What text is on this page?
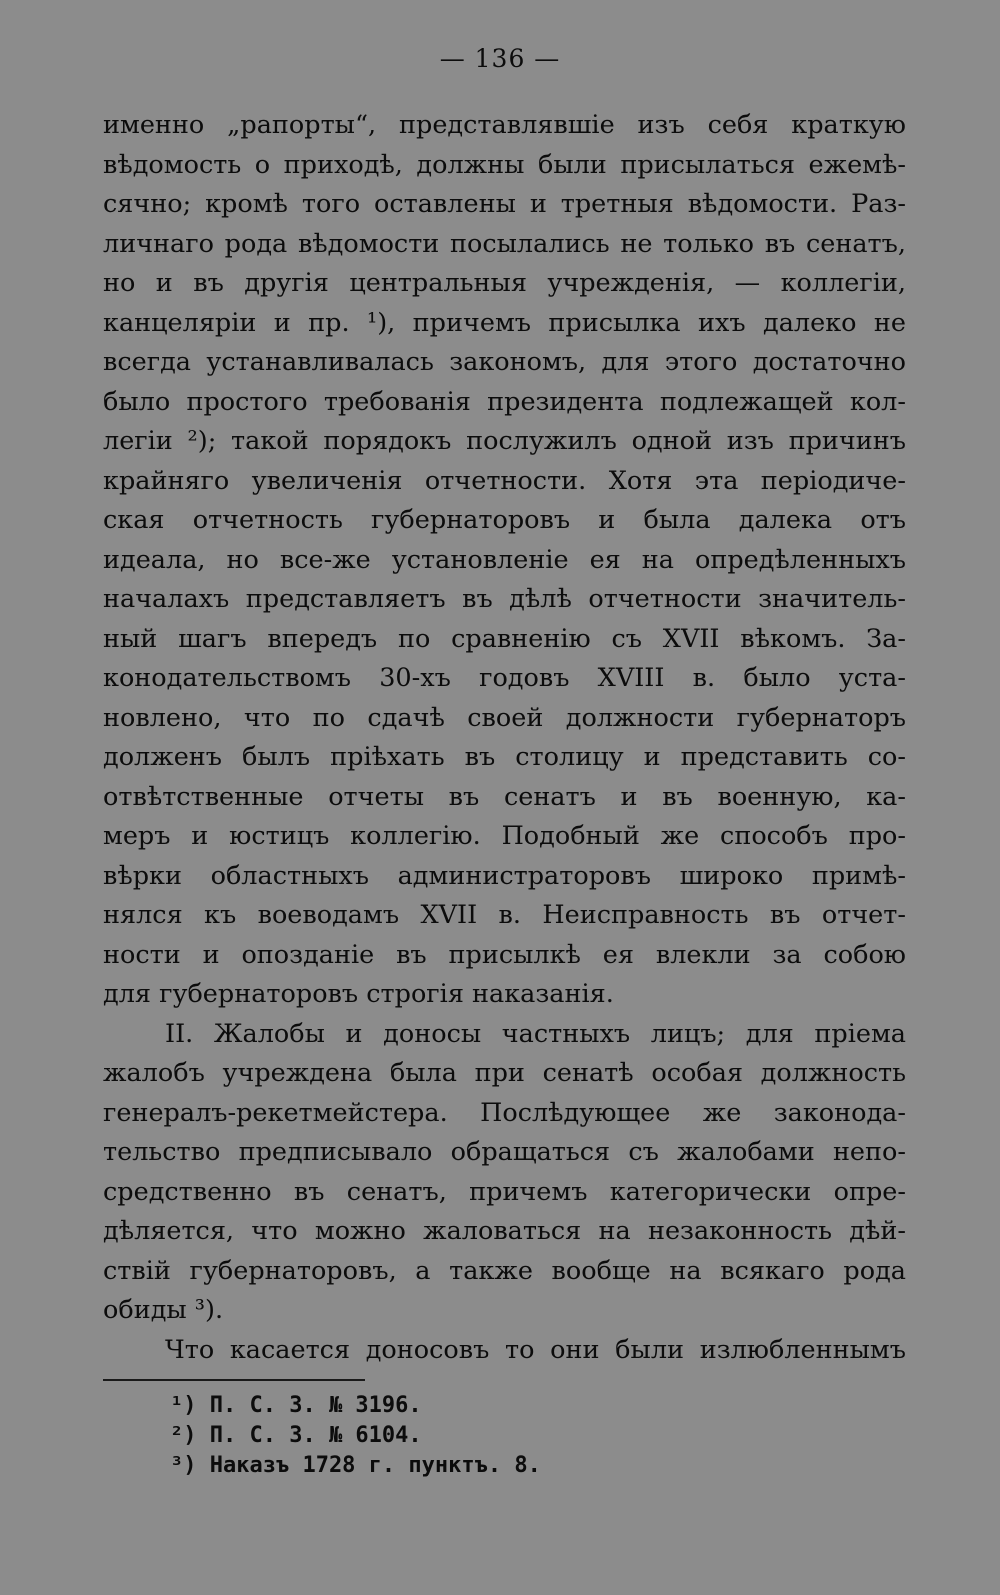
— 136 —
именно „рапорты“, представлявшіе изъ себя краткую
вѣдомость о приходѣ, должны были присылаться ежемѣ-
сячно; кромѣ того оставлены и третныя вѣдомости. Раз-
личнаго рода вѣдомости посылались не только въ сенатъ,
но и въ другія центральныя учрежденія, — коллегіи,
канцеляріи и пр. ¹), причемъ присылка ихъ далеко не
всегда устанавливалась закономъ, для этого достаточно
было простого требованія президента подлежащей кол-
легіи ²); такой порядокъ послужилъ одной изъ причинъ
крайняго увеличенія отчетности. Хотя эта періодиче-
ская отчетность губернаторовъ и была далека отъ
идеала, но все-же установленіе ея на опредѣленныхъ
началахъ представляетъ въ дѣлѣ отчетности значитель-
ный шагъ впередъ по сравненію съ XVII вѣкомъ. За-
конодательствомъ 30-хъ годовъ XVIII в. было уста-
новлено, что по сдачѣ своей должности губернаторъ
долженъ былъ пріѣхать въ столицу и представить со-
отвѣтственные отчеты въ сенатъ и въ военную, ка-
меръ и юстицъ коллегію. Подобный же способъ про-
вѣрки областныхъ администраторовъ широко примѣ-
нялся къ воеводамъ XVII в. Неисправность въ отчет-
ности и опозданіе въ присылкѣ ея влекли за собою
для губернаторовъ строгія наказанія.
II. Жалобы и доносы частныхъ лицъ; для пріема
жалобъ учреждена была при сенатѣ особая должность
генералъ-рекетмейстера. Послѣдующее же законода-
тельство предписывало обращаться съ жалобами непо-
средственно въ сенатъ, причемъ категорически опре-
дѣляется, что можно жаловаться на незаконность дѣй-
ствій губернаторовъ, а также вообще на всякаго рода
обиды ³).
Что касается доносовъ то они были излюбленнымъ
¹) П. С. З. № 3196.
²) П. С. З. № 6104.
³) Наказъ 1728 г. пунктъ. 8.
